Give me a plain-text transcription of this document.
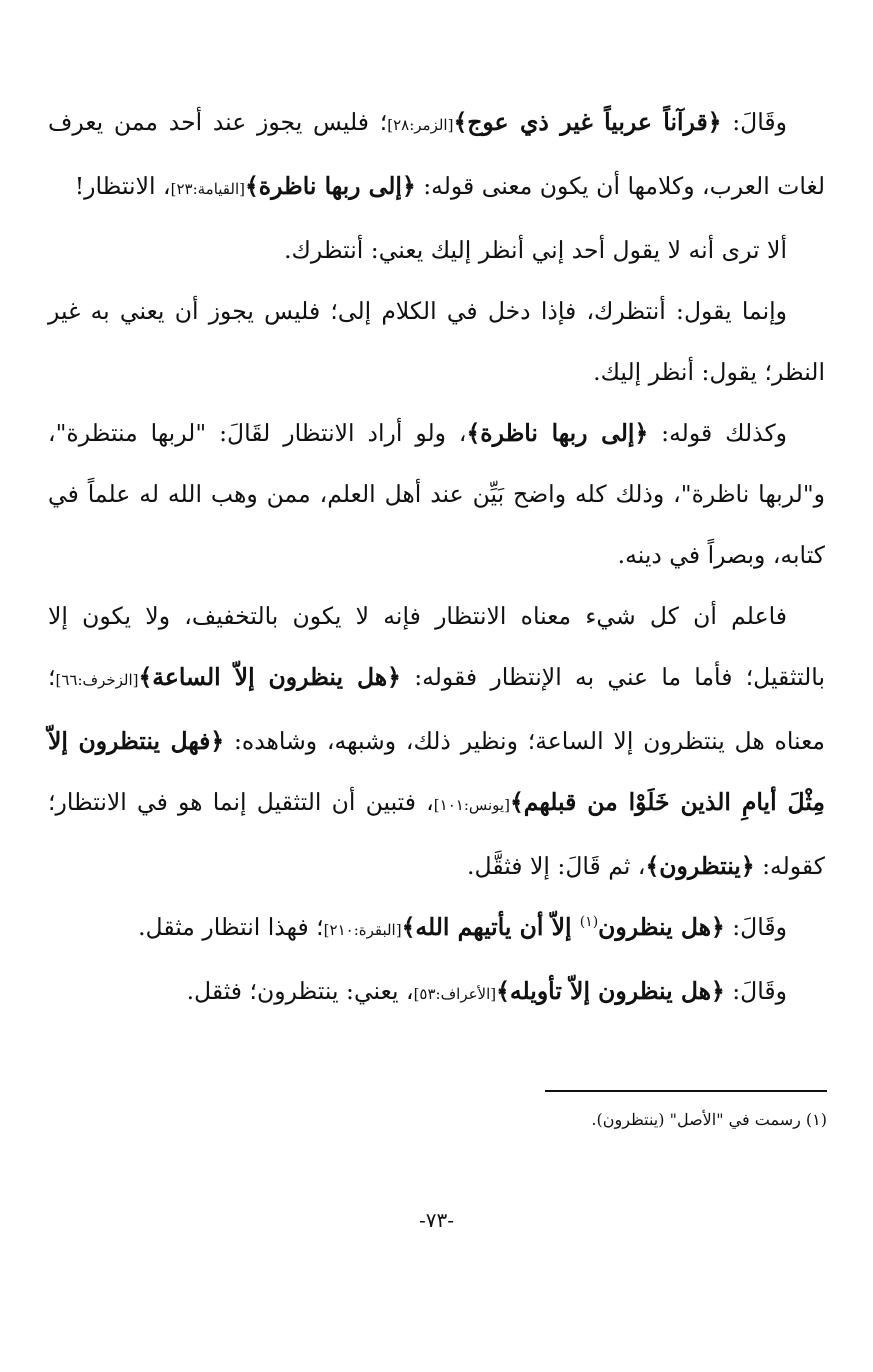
وقَالَ: ﴿قرآناً عربياً غير ذي عوج﴾[الزمر:٢٨]؛ فليس يجوز عند أحد ممن يعرف لغات العرب، وكلامها أن يكون معنى قوله: ﴿إلى ربها ناظرة﴾[القيامة:٢٣]، الانتظار!

ألا ترى أنه لا يقول أحد إني أنظر إليك يعني: أنتظرك.

وإنما يقول: أنتظرك، فإذا دخل في الكلام إلى؛ فليس يجوز أن يعني به غير النظر؛ يقول: أنظر إليك.

وكذلك قوله: ﴿إلى ربها ناظرة﴾، ولو أراد الانتظار لقَالَ: "لربها منتظرة"، و"لربها ناظرة"، وذلك كله واضح بَيِّن عند أهل العلم، ممن وهب الله له علماً في كتابه، وبصراً في دينه.

فاعلم أن كل شيء معناه الانتظار فإنه لا يكون بالتخفيف، ولا يكون إلا بالتثقيل؛ فأما ما عني به الإنتظار فقوله: ﴿هل ينظرون إلاّ الساعة﴾[الزخرف:٦٦]؛ معناه هل ينتظرون إلا الساعة؛ ونظير ذلك، وشبهه، وشاهده: ﴿فهل ينتظرون إلاّ مِثْلَ أيامِ الذين خَلَوْا من قبلهم﴾[يونس:١٠١]، فتبين أن التثقيل إنما هو في الانتظار؛ كقوله: ﴿ينتظرون﴾، ثم قَالَ: إلا فثقَّل.

وقَالَ: ﴿هل ينظرون$^{(١)}$ إلاّ أن يأتيهم الله﴾[البقرة:٢١٠]؛ فهذا انتظار مثقل.

وقَالَ: ﴿هل ينظرون إلاّ تأويله﴾[الأعراف:٥٣]، يعني: ينتظرون؛ فثقل.

(١) رسمت في "الأصل" (ينتظرون).
-٧٣-
